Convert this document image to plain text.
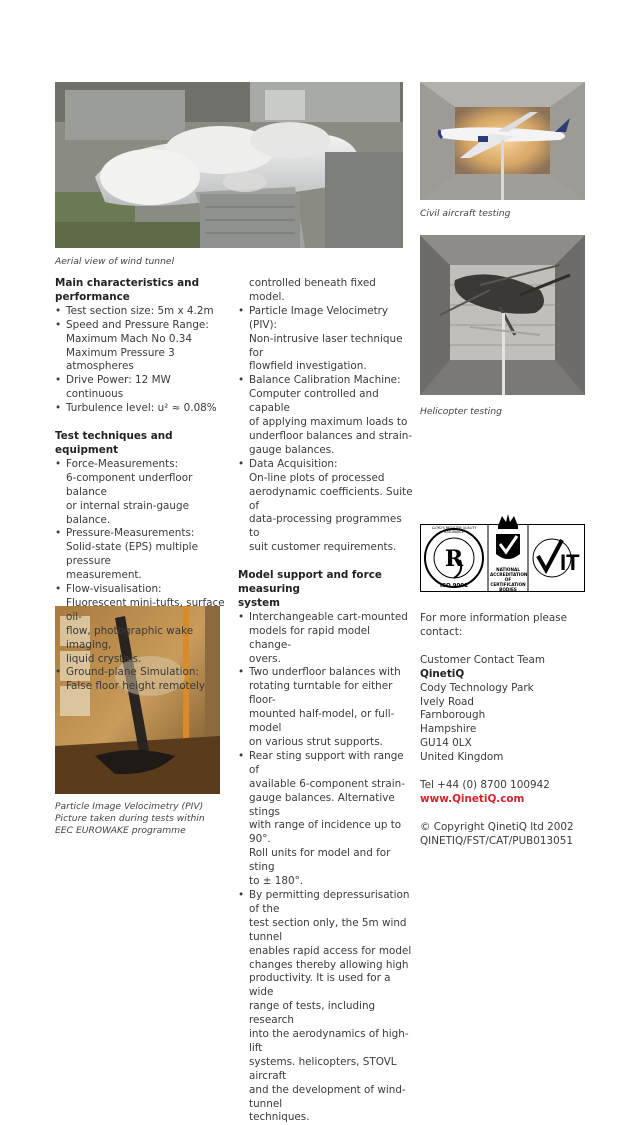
Aerial view of wind tunnel
Civil aircraft testing
Helicopter testing
Particle Image Velocimetry (PIV)
Picture taken during tests within
EEC EUROWAKE programme

Main characteristics and
performance

• Test section size: 5m x 4.2m
• Speed and Pressure Range:
Maximum Mach No 0.34
Maximum Pressure 3
atmospheres
• Drive Power: 12 MW continuous
• Turbulence level: u² ≈ 0.08%

Test techniques and equipment

• Force-Measurements:
6-component underfloor balance
or internal strain-gauge balance.
• Pressure-Measurements:
Solid-state (EPS) multiple pressure
measurement.
• Flow-visualisation:
Fluorescent mini-tufts, surface oil-
flow, photographic wake imaging,
liquid crystals.
• Ground-plane Simulation:
False floor height remotely

controlled beneath fixed model.

• Particle Image Velocimetry (PIV):
Non-intrusive laser technique for
flowfield investigation.
• Balance Calibration Machine:
Computer controlled and capable
of applying maximum loads to
underfloor balances and strain-
gauge balances.
• Data Acquisition:
On-line plots of processed
aerodynamic coefficients. Suite of
data-processing programmes to
suit customer requirements.

Model support and force measuring
system

• Interchangeable cart-mounted
models for rapid model change-
overs.
• Two underfloor balances with
rotating turntable for either floor-
mounted half-model, or full-model
on various strut supports.
• Rear sting support with range of
available 6-component strain-
gauge balances. Alternative stings
with range of incidence up to 90°.
Roll units for model and for sting
to ± 180°.
• By permitting depressurisation of the
test section only, the 5m wind tunnel
enables rapid access for model
changes thereby allowing high
productivity. It is used for a wide
range of tests, including research
into the aerodynamics of high-lift
systems. helicopters, STOVL aircraft
and the development of wind-tunnel
techniques.
R
LLOYD'S REGISTER QUALITY ASSURANCE
ISO 9001
NATIONAL
ACCREDITATION
OF CERTIFICATION
BODIES
IT

For more information please contact:

Customer Contact Team

QinetiQ

Cody Technology Park

Ively Road

Farnborough

Hampshire

GU14 0LX

United Kingdom

Tel +44 (0) 8700 100942

www.QinetiQ.com

© Copyright QinetiQ ltd 2002

QINETIQ/FST/CAT/PUB013051
